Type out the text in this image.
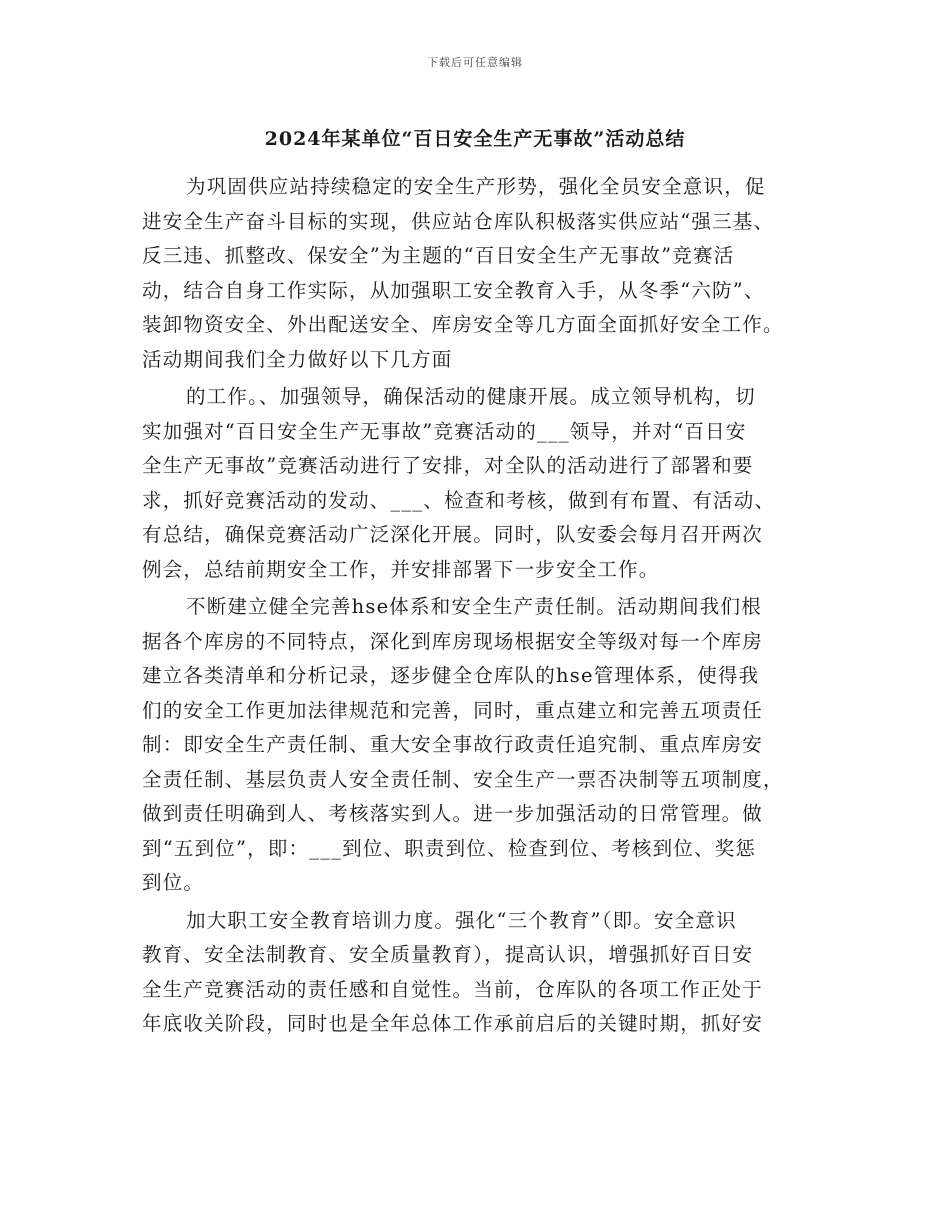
下载后可任意编辑
2024年某单位“百日安全生产无事故”活动总结
为巩固供应站持续稳定的安全生产形势，强化全员安全意识，促
进安全生产奋斗目标的实现，供应站仓库队积极落实供应站“强三基、
反三违、抓整改、保安全”为主题的“百日安全生产无事故”竞赛活
动，结合自身工作实际，从加强职工安全教育入手，从冬季“六防”、
装卸物资安全、外出配送安全、库房安全等几方面全面抓好安全工作。
活动期间我们全力做好以下几方面
的工作。、加强领导，确保活动的健康开展。成立领导机构，切
实加强对“百日安全生产无事故”竞赛活动的___领导，并对“百日安
全生产无事故”竞赛活动进行了安排，对全队的活动进行了部署和要
求，抓好竞赛活动的发动、___、检查和考核，做到有布置、有活动、
有总结，确保竞赛活动广泛深化开展。同时，队安委会每月召开两次
例会，总结前期安全工作，并安排部署下一步安全工作。
不断建立健全完善hse体系和安全生产责任制。活动期间我们根
据各个库房的不同特点，深化到库房现场根据安全等级对每一个库房
建立各类清单和分析记录，逐步健全仓库队的hse管理体系，使得我
们的安全工作更加法律规范和完善，同时，重点建立和完善五项责任
制：即安全生产责任制、重大安全事故行政责任追究制、重点库房安
全责任制、基层负责人安全责任制、安全生产一票否决制等五项制度，
做到责任明确到人、考核落实到人。进一步加强活动的日常管理。做
到“五到位”，即：___到位、职责到位、检查到位、考核到位、奖惩
到位。
加大职工安全教育培训力度。强化“三个教育”（即。安全意识
教育、安全法制教育、安全质量教育），提高认识，增强抓好百日安
全生产竞赛活动的责任感和自觉性。当前，仓库队的各项工作正处于
年底收关阶段，同时也是全年总体工作承前启后的关键时期，抓好安
